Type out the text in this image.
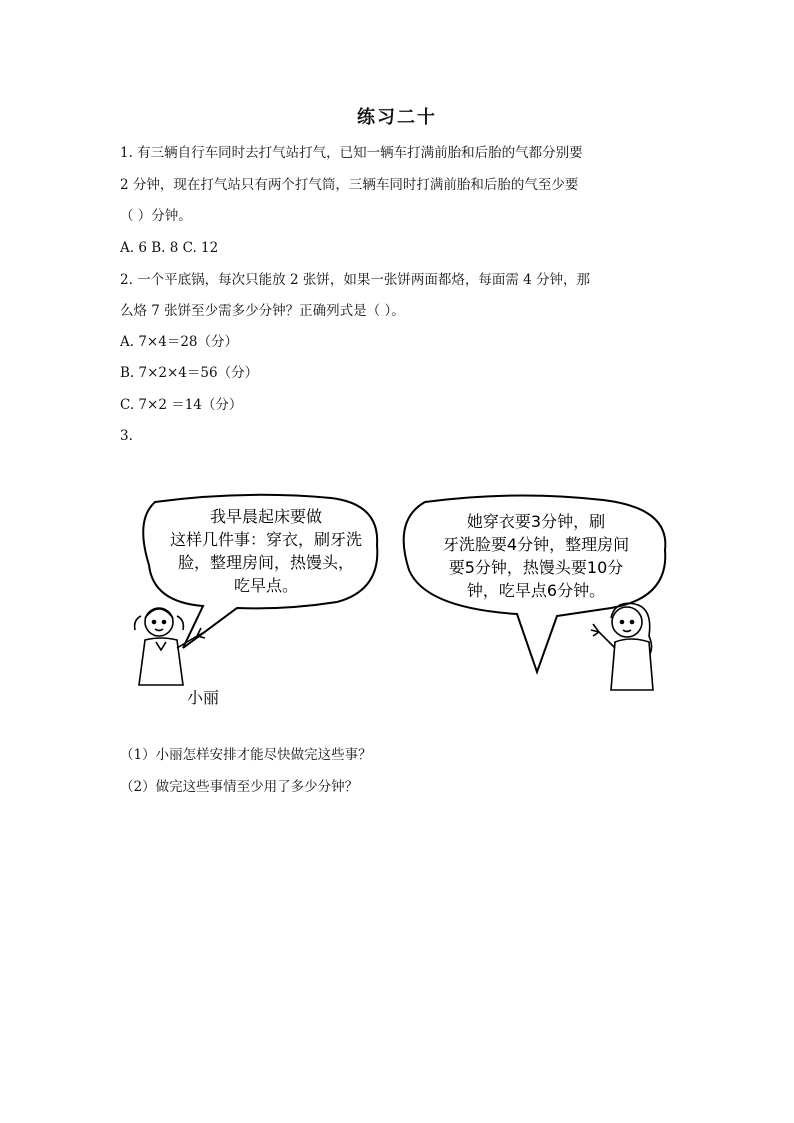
练习二十
1. 有三辆自行车同时去打气站打气，已知一辆车打满前胎和后胎的气都分别要
2 分钟，现在打气站只有两个打气筒，三辆车同时打满前胎和后胎的气至少要
（ ）分钟。
A. 6 B. 8 C. 12
2. 一个平底锅，每次只能放 2 张饼，如果一张饼两面都烙，每面需 4 分钟，那
么烙 7 张饼至少需多少分钟？正确列式是（ ）。
A. 7×4＝28（分）
B. 7×2×4＝56（分）
C. 7×2 ＝14（分）
3.
我早晨起床要做
这样几件事：穿衣，刷牙洗
脸，整理房间，热馒头，
吃早点。
她穿衣要3分钟，刷
牙洗脸要4分钟，整理房间
要5分钟，热馒头要10分
钟，吃早点6分钟。
小丽
（1）小丽怎样安排才能尽快做完这些事？
（2）做完这些事情至少用了多少分钟？
